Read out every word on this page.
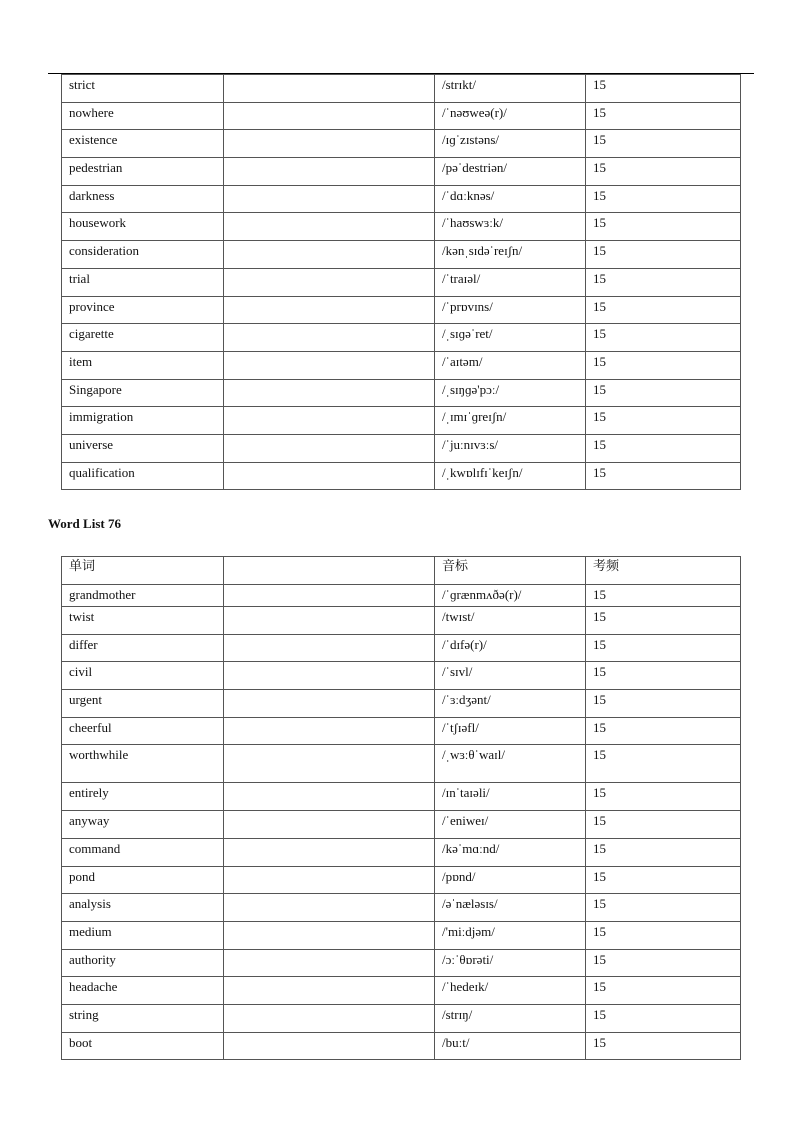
strict		/strɪkt/	15
nowhere		/ˈnəʊweə(r)/	15
existence		/ɪɡˈzɪstəns/	15
pedestrian		/pəˈdestriən/	15
darkness		/ˈdɑːknəs/	15
housework		/ˈhaʊswɜːk/	15
consideration		/kənˌsɪdəˈreɪʃn/	15
trial		/ˈtraɪəl/	15
province		/ˈprɒvɪns/	15
cigarette		/ˌsɪɡəˈret/	15
item		/ˈaɪtəm/	15
Singapore		/ˌsɪŋɡə'pɔː/	15
immigration		/ˌɪmɪˈɡreɪʃn/	15
universe		/ˈjuːnɪvɜːs/	15
qualification		/ˌkwɒlɪfɪˈkeɪʃn/	15
Word List 76
单词		音标	考频
grandmother		/ˈɡrænmʌðə(r)/	15
twist		/twɪst/	15
differ		/ˈdɪfə(r)/	15
civil		/ˈsɪvl/	15
urgent		/ˈɜːdʒənt/	15
cheerful		/ˈtʃɪəfl/	15
worthwhile		/ˌwɜːθˈwaɪl/	15
entirely		/ɪnˈtaɪəli/	15
anyway		/ˈeniweɪ/	15
command		/kəˈmɑːnd/	15
pond		/pɒnd/	15
analysis		/əˈnæləsɪs/	15
medium		/'miːdjəm/	15
authority		/ɔːˈθɒrəti/	15
headache		/ˈhedeɪk/	15
string		/strɪŋ/	15
boot		/buːt/	15
